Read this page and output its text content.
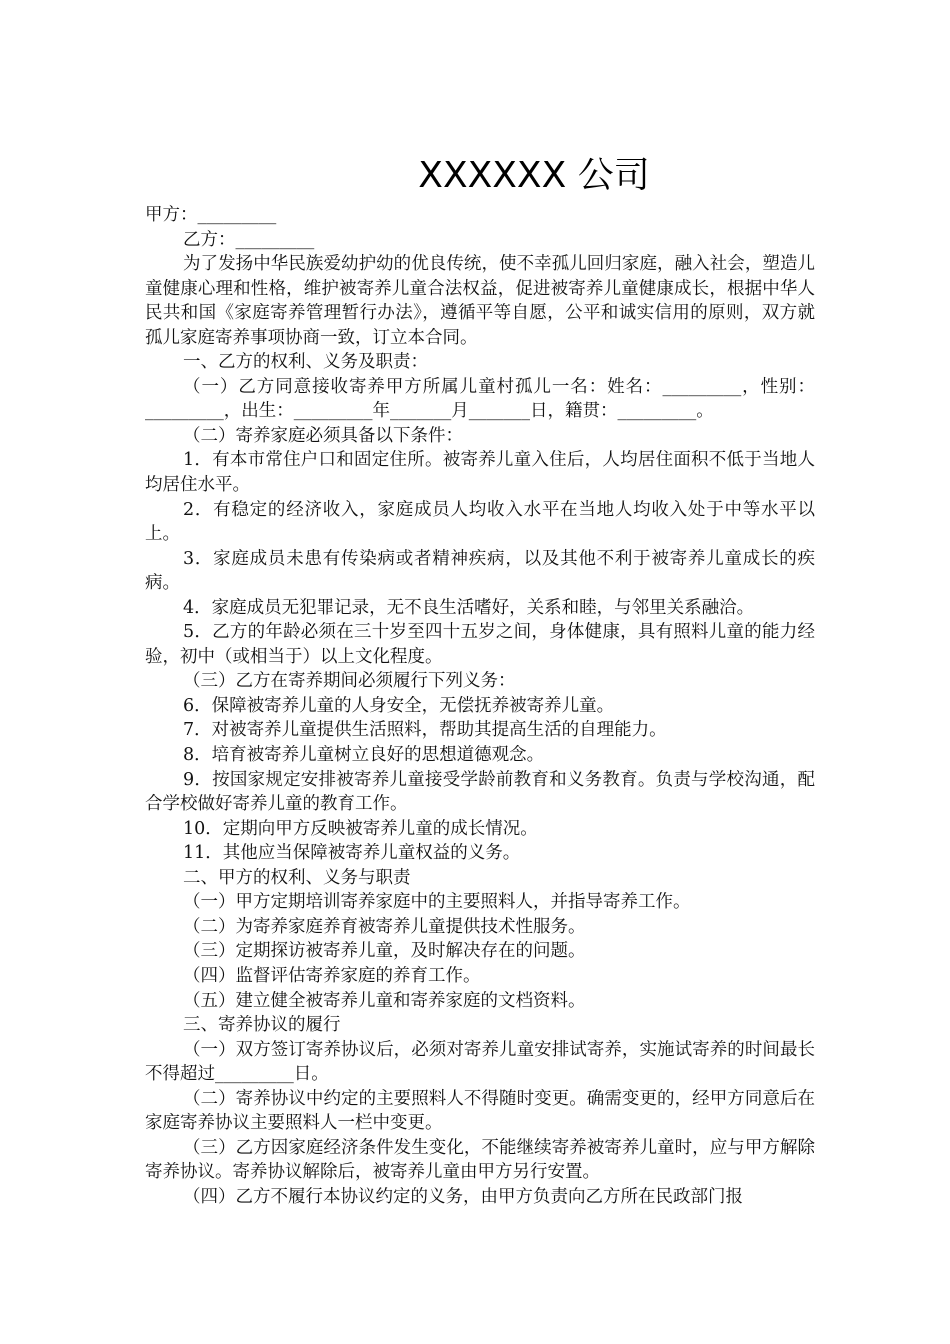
XXXXXX 公司

甲方：_________

乙方：_________

为了发扬中华民族爱幼护幼的优良传统，使不幸孤儿回归家庭，融入社会，塑造儿童健康心理和性格，维护被寄养儿童合法权益，促进被寄养儿童健康成长，根据中华人民共和国《家庭寄养管理暂行办法》，遵循平等自愿，公平和诚实信用的原则，双方就孤儿家庭寄养事项协商一致，订立本合同。

一、乙方的权利、义务及职责：

（一）乙方同意接收寄养甲方所属儿童村孤儿一名：姓名：_________，性别：_________，出生：_________年_______月_______日，籍贯：_________。

（二）寄养家庭必须具备以下条件：

1．有本市常住户口和固定住所。被寄养儿童入住后，人均居住面积不低于当地人均居住水平。

2．有稳定的经济收入，家庭成员人均收入水平在当地人均收入处于中等水平以上。

3．家庭成员未患有传染病或者精神疾病，以及其他不利于被寄养儿童成长的疾病。

4．家庭成员无犯罪记录，无不良生活嗜好，关系和睦，与邻里关系融洽。

5．乙方的年龄必须在三十岁至四十五岁之间，身体健康，具有照料儿童的能力经验，初中（或相当于）以上文化程度。

（三）乙方在寄养期间必须履行下列义务：

6．保障被寄养儿童的人身安全，无偿抚养被寄养儿童。

7．对被寄养儿童提供生活照料，帮助其提高生活的自理能力。

8．培育被寄养儿童树立良好的思想道德观念。

9．按国家规定安排被寄养儿童接受学龄前教育和义务教育。负责与学校沟通，配合学校做好寄养儿童的教育工作。

10．定期向甲方反映被寄养儿童的成长情况。

11．其他应当保障被寄养儿童权益的义务。

二、甲方的权利、义务与职责

（一）甲方定期培训寄养家庭中的主要照料人，并指导寄养工作。

（二）为寄养家庭养育被寄养儿童提供技术性服务。

（三）定期探访被寄养儿童，及时解决存在的问题。

（四）监督评估寄养家庭的养育工作。

（五）建立健全被寄养儿童和寄养家庭的文档资料。

三、寄养协议的履行

（一）双方签订寄养协议后，必须对寄养儿童安排试寄养，实施试寄养的时间最长不得超过_________日。

（二）寄养协议中约定的主要照料人不得随时变更。确需变更的，经甲方同意后在家庭寄养协议主要照料人一栏中变更。

（三）乙方因家庭经济条件发生变化，不能继续寄养被寄养儿童时，应与甲方解除寄养协议。寄养协议解除后，被寄养儿童由甲方另行安置。

（四）乙方不履行本协议约定的义务，由甲方负责向乙方所在民政部门报
